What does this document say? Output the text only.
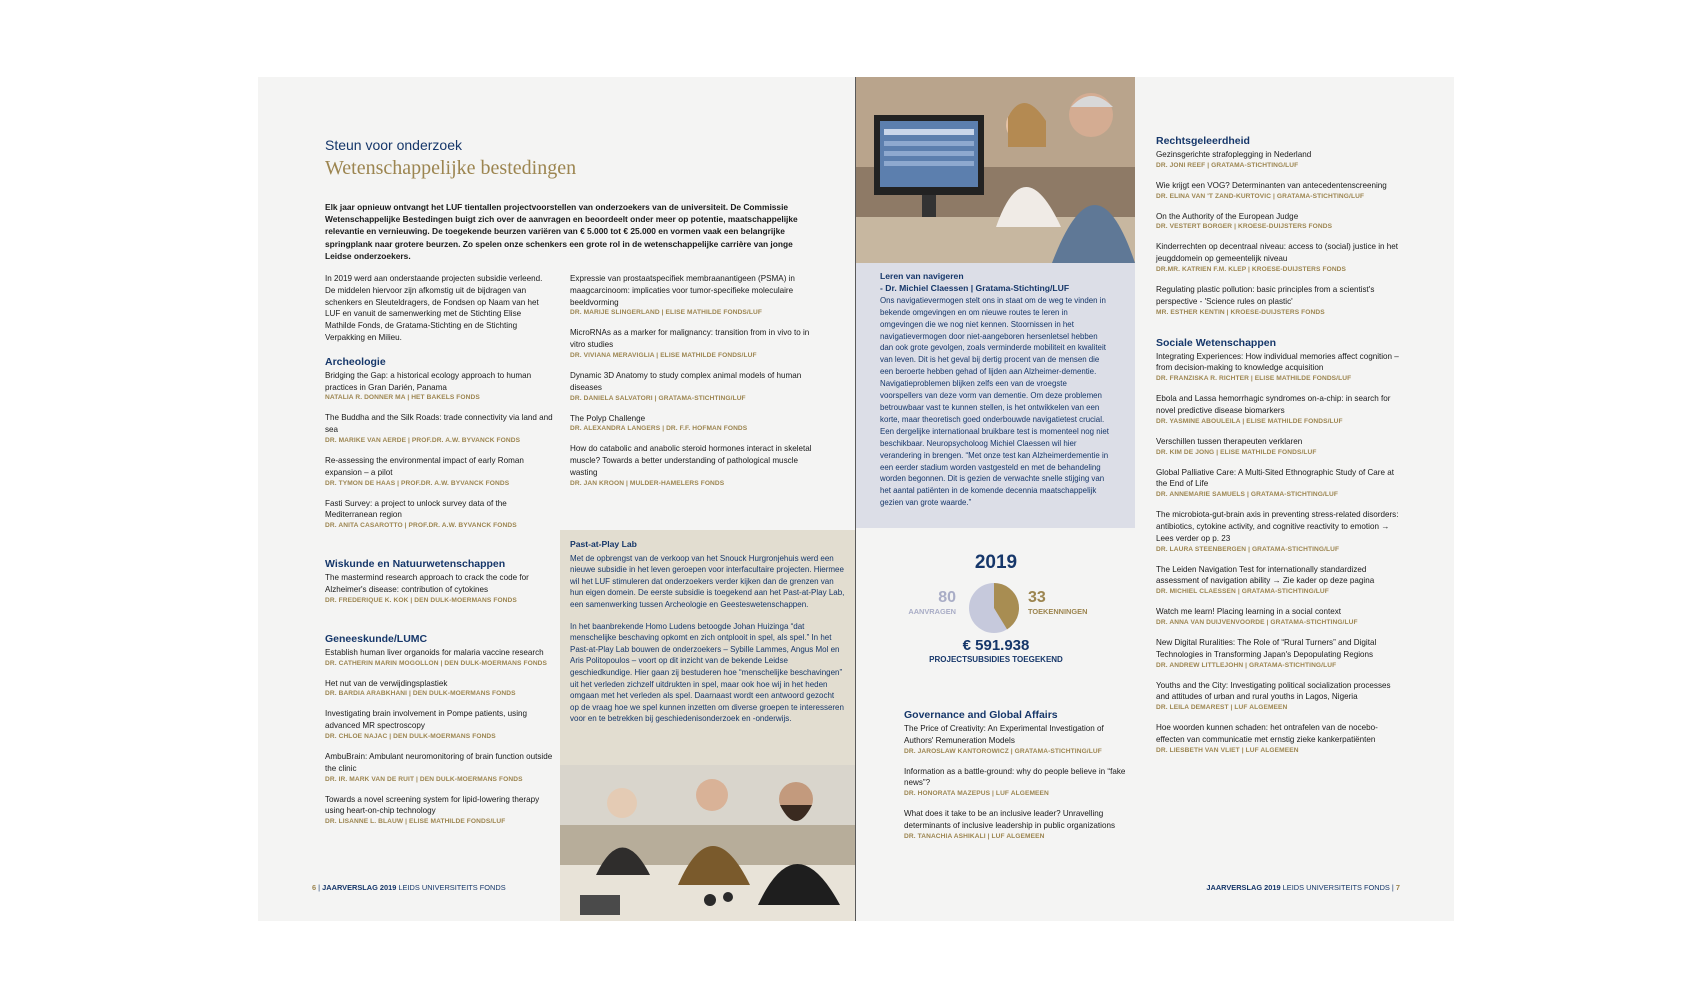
Steun voor onderzoek
Wetenschappelijke bestedingen
Elk jaar opnieuw ontvangt het LUF tientallen projectvoorstellen van onderzoekers van de universiteit. De Commissie Wetenschappelijke Bestedingen buigt zich over de aanvragen en beoordeelt onder meer op potentie, maatschappelijke relevantie en vernieuwing. De toegekende beurzen variëren van € 5.000 tot € 25.000 en vormen vaak een belangrijke springplank naar grotere beurzen. Zo spelen onze schenkers een grote rol in de wetenschappelijke carrière van jonge Leidse onderzoekers.
In 2019 werd aan onderstaande projecten subsidie verleend. De middelen hiervoor zijn afkomstig uit de bijdragen van schenkers en Sleuteldragers, de Fondsen op Naam van het LUF en vanuit de samenwerking met de Stichting Elise Mathilde Fonds, de Gratama-Stichting en de Stichting Verpakking en Milieu.
Archeologie
Bridging the Gap: a historical ecology approach to human practices in Gran Darién, Panama
NATALIA R. DONNER MA | HET BAKELS FONDS
The Buddha and the Silk Roads: trade connectivity via land and sea
DR. MARIKE VAN AERDE | PROF.DR. A.W. BYVANCK FONDS
Re-assessing the environmental impact of early Roman expansion – a pilot
DR. TYMON DE HAAS | PROF.DR. A.W. BYVANCK FONDS
Fasti Survey: a project to unlock survey data of the Mediterranean region
DR. ANITA CASAROTTO | PROF.DR. A.W. BYVANCK FONDS
Wiskunde en Natuurwetenschappen
The mastermind research approach to crack the code for Alzheimer's disease: contribution of cytokines
DR. FREDERIQUE K. KOK | DEN DULK-MOERMANS FONDS
Geneeskunde/LUMC
Establish human liver organoids for malaria vaccine research
DR. CATHERIN MARIN MOGOLLON | DEN DULK-MOERMANS FONDS
Het nut van de verwijdingsplastiek
DR. BARDIA ARABKHANI | DEN DULK-MOERMANS FONDS
Investigating brain involvement in Pompe patients, using advanced MR spectroscopy
DR. CHLOE NAJAC | DEN DULK-MOERMANS FONDS
AmbuBrain: Ambulant neuromonitoring of brain function outside the clinic
DR. IR. MARK VAN DE RUIT | DEN DULK-MOERMANS FONDS
Towards a novel screening system for lipid-lowering therapy using heart-on-chip technology
DR. LISANNE L. BLAUW | ELISE MATHILDE FONDS/LUF
Expressie van prostaatspecifiek membraanantigeen (PSMA) in maagcarcinoom: implicaties voor tumor-specifieke moleculaire beeldvorming
DR. MARIJE SLINGERLAND | ELISE MATHILDE FONDS/LUF
MicroRNAs as a marker for malignancy: transition from in vivo to in vitro studies
DR. VIVIANA MERAVIGLIA | ELISE MATHILDE FONDS/LUF
Dynamic 3D Anatomy to study complex animal models of human diseases
DR. DANIELA SALVATORI | GRATAMA-STICHTING/LUF
The Polyp Challenge
DR. ALEXANDRA LANGERS | DR. F.F. HOFMAN FONDS
How do catabolic and anabolic steroid hormones interact in skeletal muscle? Towards a better understanding of pathological muscle wasting
DR. JAN KROON | MULDER-HAMELERS FONDS
Past-at-Play Lab

Met de opbrengst van de verkoop van het Snouck Hurgronjehuis werd een nieuwe subsidie in het leven geroepen voor interfacultaire projecten. Hiermee wil het LUF stimuleren dat onderzoekers verder kijken dan de grenzen van hun eigen domein. De eerste subsidie is toegekend aan het Past-at-Play Lab, een samenwerking tussen Archeologie en Geesteswetenschappen.

In het baanbrekende Homo Ludens betoogde Johan Huizinga “dat menschelijke beschaving opkomt en zich ontplooit in spel, als spel.” In het Past-at-Play Lab bouwen de onderzoekers – Sybille Lammes, Angus Mol en Aris Politopoulos – voort op dit inzicht van de bekende Leidse geschiedkundige. Hier gaan zij bestuderen hoe “menschelijke beschavingen” uit het verleden zichzelf uitdrukten in spel, maar ook hoe wij in het heden omgaan met het verleden als spel. Daarnaast wordt een antwoord gezocht op de vraag hoe we spel kunnen inzetten om diverse groepen te interesseren voor en te betrekken bij geschiedenisonderzoek en -onderwijs.

6 | JAARVERSLAG 2019 LEIDS UNIVERSITEITS FONDS
Leren van navigeren
- Dr. Michiel Claessen | Gratama-Stichting/LUF
Ons navigatievermogen stelt ons in staat om de weg te vinden in bekende omgevingen en om nieuwe routes te leren in omgevingen die we nog niet kennen. Stoornissen in het navigatievermogen door niet-aangeboren hersenletsel hebben dan ook grote gevolgen, zoals verminderde mobiliteit en kwaliteit van leven. Dit is het geval bij dertig procent van de mensen die een beroerte hebben gehad of lijden aan Alzheimer-dementie. Navigatieproblemen blijken zelfs een van de vroegste voorspellers van deze vorm van dementie. Om deze problemen betrouwbaar vast te kunnen stellen, is het ontwikkelen van een korte, maar theoretisch goed onderbouwde navigatietest crucial. Een dergelijke internationaal bruikbare test is momenteel nog niet beschikbaar. Neuropsycholoog Michiel Claessen wil hier verandering in brengen. “Met onze test kan Alzheimerdementie in een eerder stadium worden vastgesteld en met de behandeling worden begonnen. Dit is gezien de verwachte snelle stijging van het aantal patiënten in de komende decennia maatschappelijk gezien van grote waarde.”
2019
80
AANVRAGEN
33
TOEKENNINGEN
€ 591.938
PROJECTSUBSIDIES TOEGEKEND
Governance and Global Affairs
The Price of Creativity: An Experimental Investigation of Authors' Remuneration Models
DR. JAROSLAW KANTOROWICZ | GRATAMA-STICHTING/LUF
Information as a battle-ground: why do people believe in “fake news”?
DR. HONORATA MAZEPUS | LUF ALGEMEEN
What does it take to be an inclusive leader? Unravelling determinants of inclusive leadership in public organizations
DR. TANACHIA ASHIKALI | LUF ALGEMEEN
Rechtsgeleerdheid
Gezinsgerichte strafoplegging in Nederland
DR. JONI REEF | GRATAMA-STICHTING/LUF
Wie krijgt een VOG? Determinanten van antecedentenscreening
DR. ELINA VAN 'T ZAND-KURTOVIC | GRATAMA-STICHTING/LUF
On the Authority of the European Judge
DR. VESTERT BORGER | KROESE-DUIJSTERS FONDS
Kinderrechten op decentraal niveau: access to (social) justice in het jeugddomein op gemeentelijk niveau
DR.MR. KATRIEN F.M. KLEP | KROESE-DUIJSTERS FONDS
Regulating plastic pollution: basic principles from a scientist's perspective - 'Science rules on plastic'
MR. ESTHER KENTIN | KROESE-DUIJSTERS FONDS
Sociale Wetenschappen
Integrating Experiences: How individual memories affect cognition – from decision-making to knowledge acquisition
DR. FRANZISKA R. RICHTER | ELISE MATHILDE FONDS/LUF
Ebola and Lassa hemorrhagic syndromes on-a-chip: in search for novel predictive disease biomarkers
DR. YASMINE ABOULEILA | ELISE MATHILDE FONDS/LUF
Verschillen tussen therapeuten verklaren
DR. KIM DE JONG | ELISE MATHILDE FONDS/LUF
Global Palliative Care: A Multi-Sited Ethnographic Study of Care at the End of Life
DR. ANNEMARIE SAMUELS | GRATAMA-STICHTING/LUF
The microbiota-gut-brain axis in preventing stress-related disorders: antibiotics, cytokine activity, and cognitive reactivity to emotion → Lees verder op p. 23
DR. LAURA STEENBERGEN | GRATAMA-STICHTING/LUF
The Leiden Navigation Test for internationally standardized assessment of navigation ability → Zie kader op deze pagina
DR. MICHIEL CLAESSEN | GRATAMA-STICHTING/LUF
Watch me learn! Placing learning in a social context
DR. ANNA VAN DUIJVENVOORDE | GRATAMA-STICHTING/LUF
New Digital Ruralities: The Role of “Rural Turners” and Digital Technologies in Transforming Japan's Depopulating Regions
DR. ANDREW LITTLEJOHN | GRATAMA-STICHTING/LUF
Youths and the City: Investigating political socialization processes and attitudes of urban and rural youths in Lagos, Nigeria
DR. LEILA DEMAREST | LUF ALGEMEEN
Hoe woorden kunnen schaden: het ontrafelen van de nocebo-effecten van communicatie met ernstig zieke kankerpatiënten
DR. LIESBETH VAN VLIET | LUF ALGEMEEN
JAARVERSLAG 2019 LEIDS UNIVERSITEITS FONDS | 7
